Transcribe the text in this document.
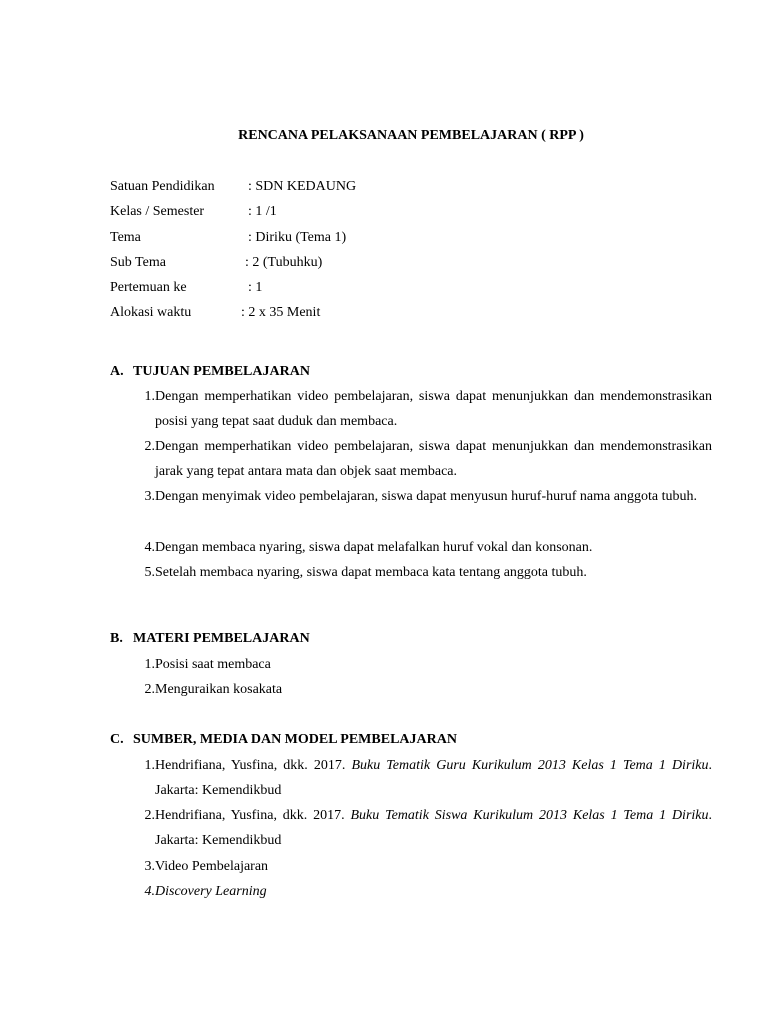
RENCANA PELAKSANAAN PEMBELAJARAN ( RPP )
Satuan Pendidikan : SDN KEDAUNG
Kelas / Semester	: 1 /1
Tema	: Diriku (Tema 1)
Sub Tema	: 2 (Tubuhku)
Pertemuan ke	: 1
Alokasi waktu	: 2 x 35 Menit
A. TUJUAN PEMBELAJARAN
1. Dengan memperhatikan video pembelajaran, siswa dapat menunjukkan dan mendemonstrasikan posisi yang tepat saat duduk dan membaca.
2. Dengan memperhatikan video pembelajaran, siswa dapat menunjukkan dan mendemonstrasikan jarak yang tepat antara mata dan objek saat membaca.
3. Dengan menyimak video pembelajaran, siswa dapat menyusun huruf-huruf nama anggota tubuh.
4. Dengan membaca nyaring, siswa dapat melafalkan huruf vokal dan konsonan.
5. Setelah membaca nyaring, siswa dapat membaca kata tentang anggota tubuh.
B. MATERI PEMBELAJARAN
1. Posisi saat membaca
2. Menguraikan kosakata
C. SUMBER, MEDIA DAN MODEL PEMBELAJARAN
1. Hendrifiana, Yusfina, dkk. 2017. Buku Tematik Guru Kurikulum 2013 Kelas 1 Tema 1 Diriku. Jakarta: Kemendikbud
2. Hendrifiana, Yusfina, dkk. 2017. Buku Tematik Siswa Kurikulum 2013 Kelas 1 Tema 1 Diriku. Jakarta: Kemendikbud
3. Video Pembelajaran
4. Discovery Learning
